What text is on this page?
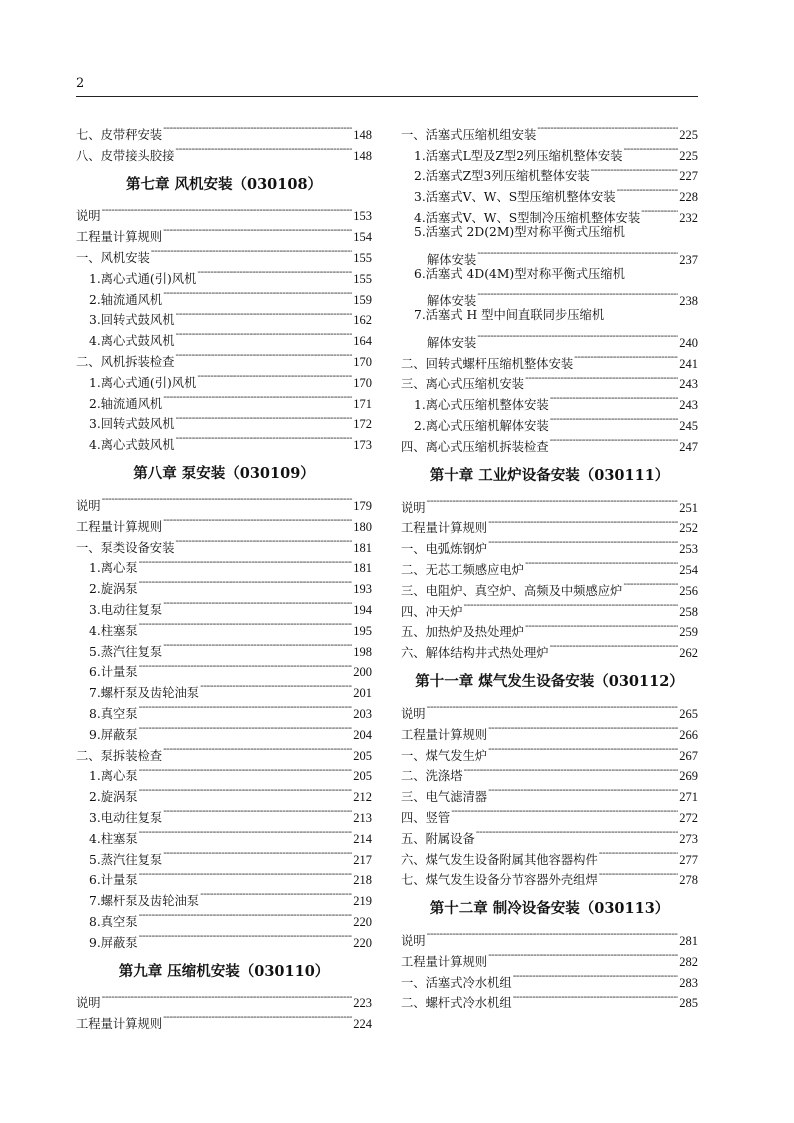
2
七、皮带秤安装 -----	148
八、皮带接头胶接 -----	148
第七章 风机安装（030108）
说明 -----	153
工程量计算规则 -----	154
一、风机安装 -----	155
1.离心式通(引)风机 -----	155
2.轴流通风机 -----	159
3.回转式鼓风机 -----	162
4.离心式鼓风机 -----	164
二、风机拆装检查 -----	170
1.离心式通(引)风机 -----	170
2.轴流通风机 -----	171
3.回转式鼓风机 -----	172
4.离心式鼓风机 -----	173
第八章 泵安装（030109）
说明 -----	179
工程量计算规则 -----	180
一、泵类设备安装 -----	181
1.离心泵 -----	181
2.旋涡泵 -----	193
3.电动往复泵 -----	194
4.柱塞泵 -----	195
5.蒸汽往复泵 -----	198
6.计量泵 -----	200
7.螺杆泵及齿轮油泵 -----	201
8.真空泵 -----	203
9.屏蔽泵 -----	204
二、泵拆装检查 -----	205
1.离心泵 -----	205
2.旋涡泵 -----	212
3.电动往复泵 -----	213
4.柱塞泵 -----	214
5.蒸汽往复泵 -----	217
6.计量泵 -----	218
7.螺杆泵及齿轮油泵 -----	219
8.真空泵 -----	220
9.屏蔽泵 -----	220
第九章 压缩机安装（030110）
说明 -----	223
工程量计算规则 -----	224
一、活塞式压缩机组安装 -----	225
1.活塞式L型及Z型2列压缩机整体安装 -----	225
2.活塞式Z型3列压缩机整体安装 -----	227
3.活塞式V、W、S型压缩机整体安装 -----	228
4.活塞式V、W、S型制冷压缩机整体安装 -----	232
5.活塞式 2D(2M)型对称平衡式压缩机
解体安装 -----	237
6.活塞式 4D(4M)型对称平衡式压缩机
解体安装 -----	238
7.活塞式 H 型中间直联同步压缩机
解体安装 -----	240
二、回转式螺杆压缩机整体安装 -----	241
三、离心式压缩机安装 -----	243
1.离心式压缩机整体安装 -----	243
2.离心式压缩机解体安装 -----	245
四、离心式压缩机拆装检查 -----	247
第十章 工业炉设备安装（030111）
说明 -----	251
工程量计算规则 -----	252
一、电弧炼钢炉 -----	253
二、无芯工频感应电炉 -----	254
三、电阻炉、真空炉、高频及中频感应炉 -----	256
四、冲天炉 -----	258
五、加热炉及热处理炉 -----	259
六、解体结构井式热处理炉 -----	262
第十一章 煤气发生设备安装（030112）
说明 -----	265
工程量计算规则 -----	266
一、煤气发生炉 -----	267
二、洗涤塔 -----	269
三、电气滤清器 -----	271
四、竖管 -----	272
五、附属设备 -----	273
六、煤气发生设备附属其他容器构件 -----	277
七、煤气发生设备分节容器外壳组焊 -----	278
第十二章 制冷设备安装（030113）
说明 -----	281
工程量计算规则 -----	282
一、活塞式冷水机组 -----	283
二、螺杆式冷水机组 -----	285
